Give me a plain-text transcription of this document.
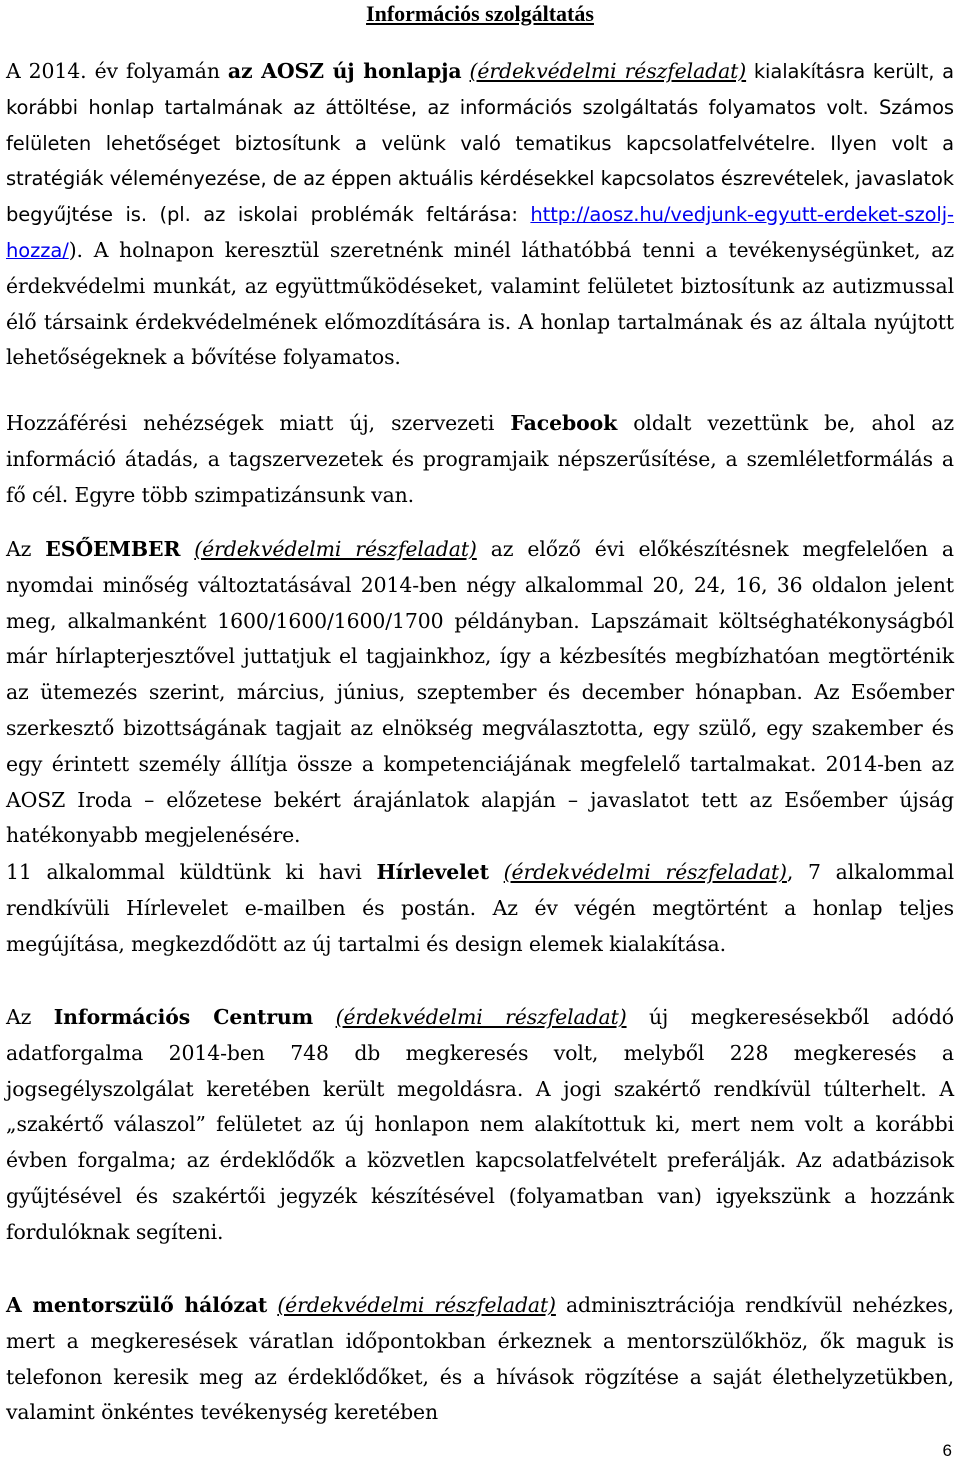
Információs szolgáltatás

A 2014. év folyamán az AOSZ új honlapja (érdekvédelmi részfeladat) kialakításra került, a korábbi honlap tartalmának az áttöltése, az információs szolgáltatás folyamatos volt. Számos felületen lehetőséget biztosítunk a velünk való tematikus kapcsolatfelvételre. Ilyen volt a stratégiák véleményezése, de az éppen aktuális kérdésekkel kapcsolatos észrevételek, javaslatok begyűjtése is. (pl. az iskolai problémák feltárása: http://aosz.hu/vedjunk-egyutt-erdeket-szolj-hozza/). A holnapon keresztül szeretnénk minél láthatóbbá tenni a tevékenységünket, az érdekvédelmi munkát, az együttműködéseket, valamint felületet biztosítunk az autizmussal élő társaink érdekvédelmének előmozdítására is. A honlap tartalmának és az általa nyújtott lehetőségeknek a bővítése folyamatos.

Hozzáférési nehézségek miatt új, szervezeti Facebook oldalt vezettünk be, ahol az információ átadás, a tagszervezetek és programjaik népszerűsítése, a szemléletformálás a fő cél. Egyre több szimpatizánsunk van.

Az ESŐEMBER (érdekvédelmi részfeladat) az előző évi előkészítésnek megfelelően a nyomdai minőség változtatásával 2014-ben négy alkalommal 20, 24, 16, 36 oldalon jelent meg, alkalmanként 1600/1600/1600/1700 példányban. Lapszámait költséghatékonyságból már hírlapterjesztővel juttatjuk el tagjainkhoz, így a kézbesítés megbízhatóan megtörténik az ütemezés szerint, március, június, szeptember és december hónapban. Az Esőember szerkesztő bizottságának tagjait az elnökség megválasztotta, egy szülő, egy szakember és egy érintett személy állítja össze a kompetenciájának megfelelő tartalmakat. 2014-ben az AOSZ Iroda – előzetese bekért árajánlatok alapján – javaslatot tett az Esőember újság hatékonyabb megjelenésére.

11 alkalommal küldtünk ki havi Hírlevelet (érdekvédelmi részfeladat), 7 alkalommal rendkívüli Hírlevelet e-mailben és postán. Az év végén megtörtént a honlap teljes megújítása, megkezdődött az új tartalmi és design elemek kialakítása.

Az Információs Centrum (érdekvédelmi részfeladat) új megkeresésekből adódó adatforgalma 2014-ben 748 db megkeresés volt, melyből 228 megkeresés a jogsegélyszolgálat keretében került megoldásra. A jogi szakértő rendkívül túlterhelt. A „szakértő válaszol” felületet az új honlapon nem alakítottuk ki, mert nem volt a korábbi évben forgalma; az érdeklődők a közvetlen kapcsolatfelvételt preferálják. Az adatbázisok gyűjtésével és szakértői jegyzék készítésével (folyamatban van) igyekszünk a hozzánk fordulóknak segíteni.

A mentorszülő hálózat (érdekvédelmi részfeladat) adminisztrációja rendkívül nehézkes, mert a megkeresések váratlan időpontokban érkeznek a mentorszülőkhöz, ők maguk is telefonon keresik meg az érdeklődőket, és a hívások rögzítése a saját élethelyzetükben, valamint önkéntes tevékenység keretében

6
